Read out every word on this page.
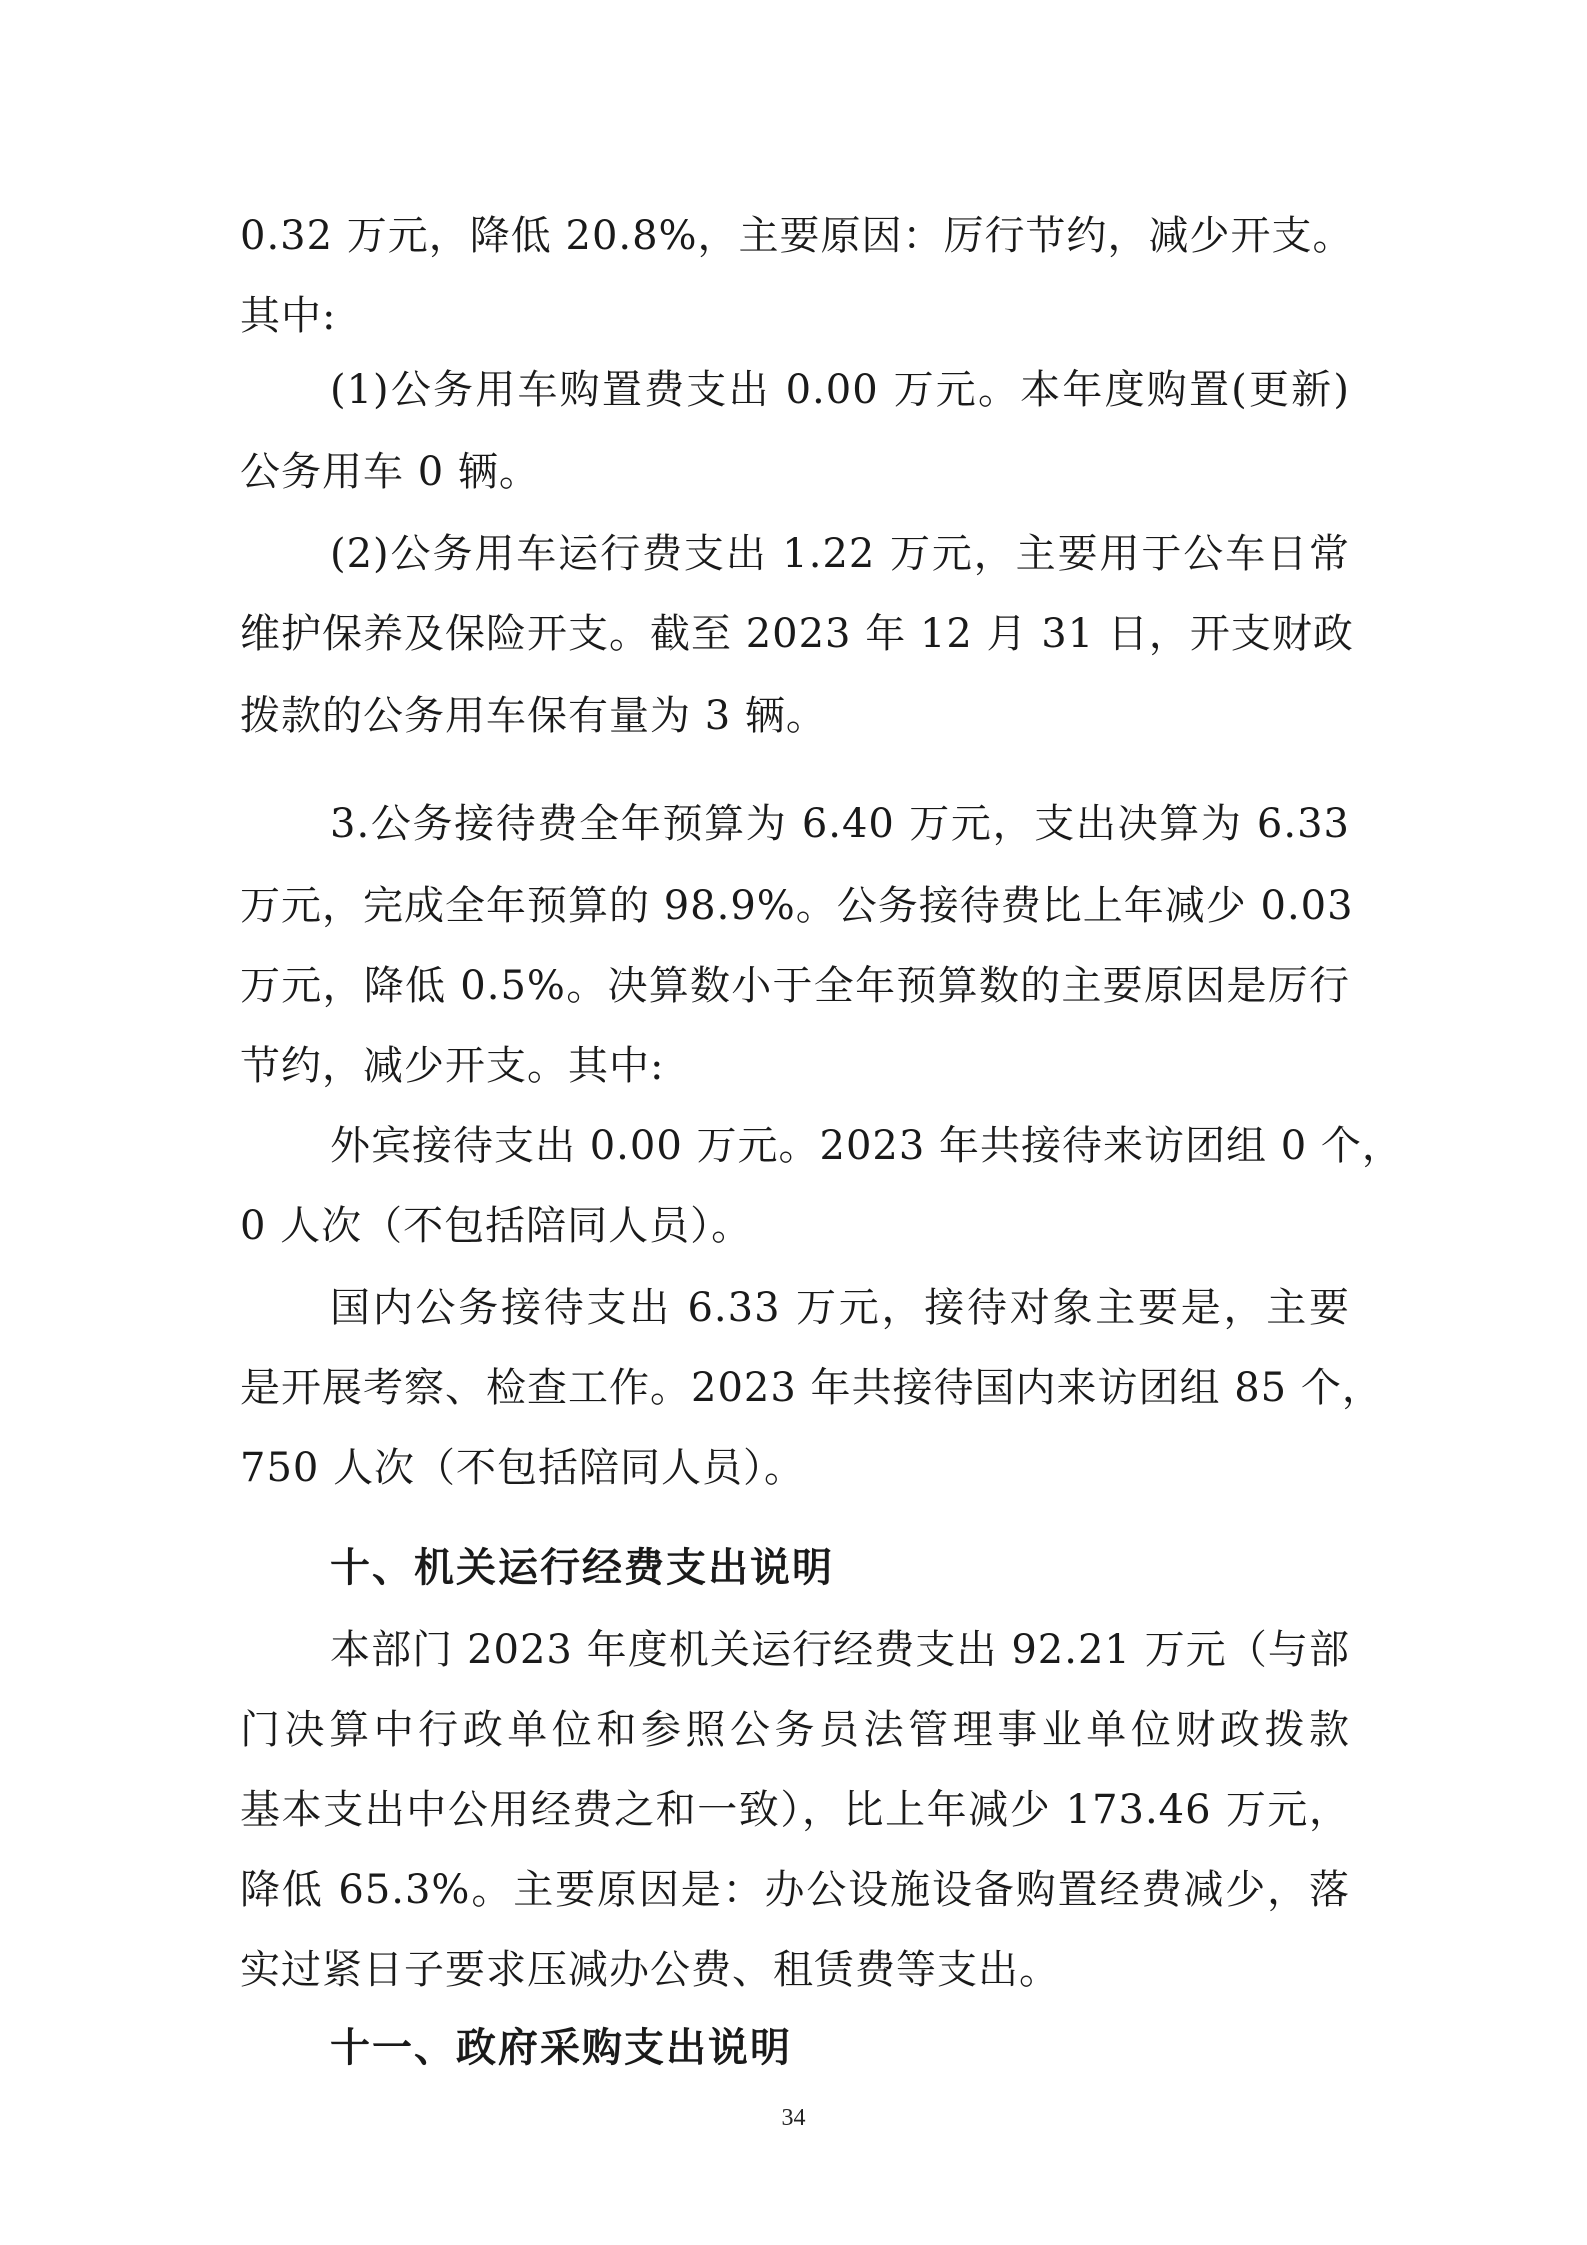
0.32 万元，降低 20.8%，主要原因：厉行节约，减少开支。
其中:
(1)公务用车购置费支出 0.00 万元。本年度购置(更新)
公务用车 0 辆。
(2)公务用车运行费支出 1.22 万元，主要用于公车日常
维护保养及保险开支。截至 2023 年 12 月 31 日，开支财政
拨款的公务用车保有量为 3 辆。
3.公务接待费全年预算为 6.40 万元，支出决算为 6.33
万元，完成全年预算的 98.9%。公务接待费比上年减少 0.03
万元，降低 0.5%。决算数小于全年预算数的主要原因是厉行
节约，减少开支。其中:
外宾接待支出 0.00 万元。2023 年共接待来访团组 0 个，
0 人次（不包括陪同人员）。
国内公务接待支出 6.33 万元，接待对象主要是，主要
是开展考察、检查工作。2023 年共接待国内来访团组 85 个，
750 人次（不包括陪同人员）。
十、机关运行经费支出说明
本部门 2023 年度机关运行经费支出 92.21 万元（与部
门决算中行政单位和参照公务员法管理事业单位财政拨款
基本支出中公用经费之和一致），比上年减少 173.46 万元，
降低 65.3%。主要原因是：办公设施设备购置经费减少，落
实过紧日子要求压减办公费、租赁费等支出。
十一、政府采购支出说明
34
